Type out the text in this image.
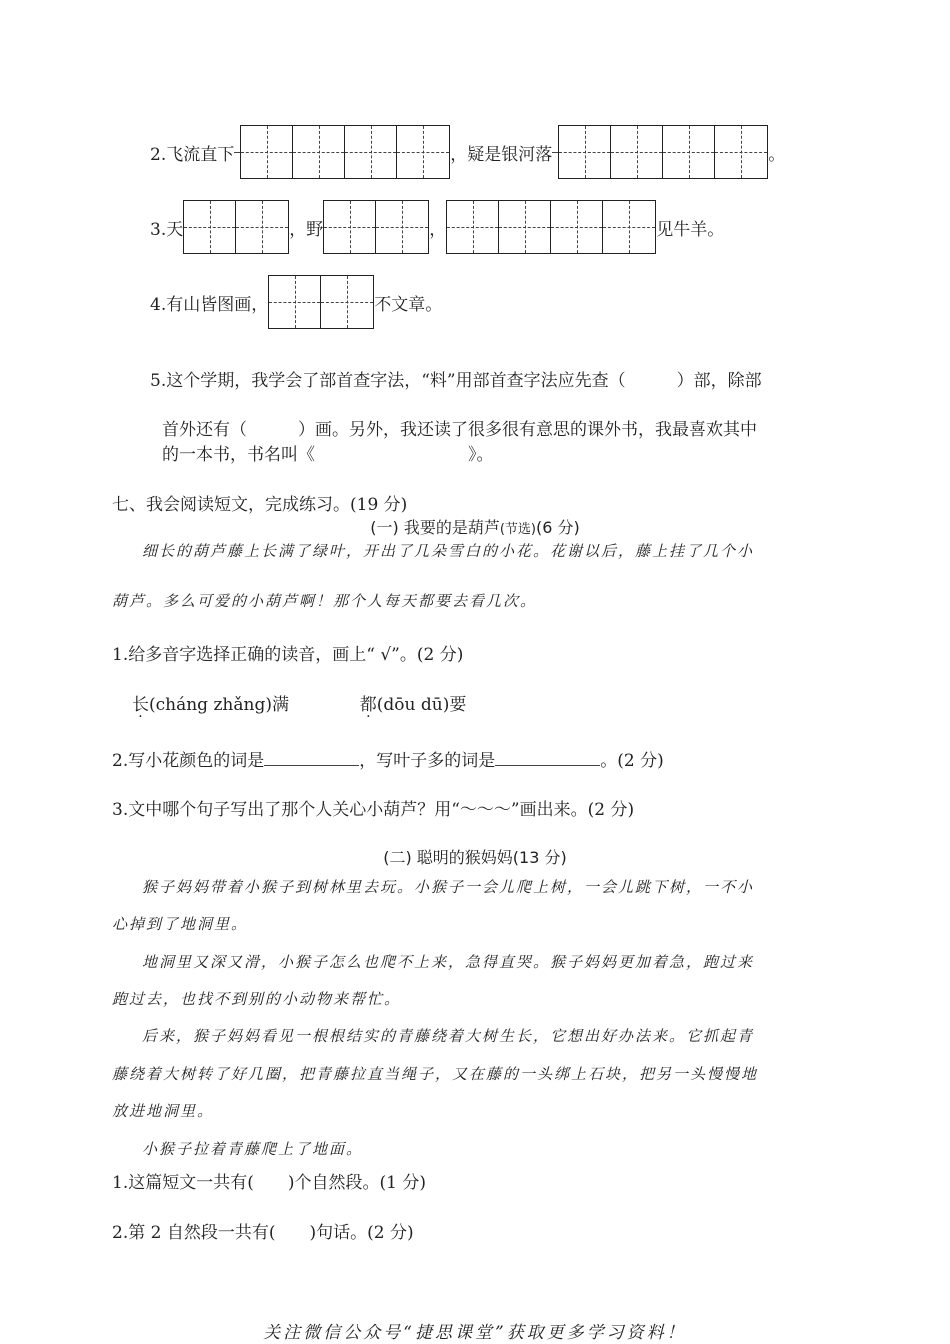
2.飞流直下	，疑是银河落	。
3.天	，野	，	见牛羊。
4.有山皆图画，	不文章。
5.这个学期，我学会了部首查字法，“料”用部首查字法应先查（　　　）部，除部
首外还有（　　　）画。另外，我还读了很多很有意思的课外书，我最喜欢其中
的一本书，书名叫《　　　　　　　　　》。
七、我会阅读短文，完成练习。(19 分)
(一) 我要的是葫芦(节选)(6 分)
细长的葫芦藤上长满了绿叶，开出了几朵雪白的小花。花谢以后，藤上挂了几个小
葫芦。多么可爱的小葫芦啊！那个人每天都要去看几次。
1.给多音字选择正确的读音，画上“ √”。(2 分)
长(cháng zhǎng)满	都(dōu dū)要
2.写小花颜色的词是	，写叶子多的词是	。(2 分)
3.文中哪个句子写出了那个人关心小葫芦？用“～～～”画出来。(2 分)
(二) 聪明的猴妈妈(13 分)
猴子妈妈带着小猴子到树林里去玩。小猴子一会儿爬上树，一会儿跳下树，一不小
心掉到了地洞里。
地洞里又深又滑，小猴子怎么也爬不上来，急得直哭。猴子妈妈更加着急，跑过来
跑过去，也找不到别的小动物来帮忙。
后来，猴子妈妈看见一根根结实的青藤绕着大树生长，它想出好办法来。它抓起青
藤绕着大树转了好几圈，把青藤拉直当绳子，又在藤的一头绑上石块，把另一头慢慢地
放进地洞里。
小猴子拉着青藤爬上了地面。
1.这篇短文一共有(　　)个自然段。(1 分)
2.第 2 自然段一共有(　　)句话。(2 分)
关注微信公众号“捷思课堂”获取更多学习资料！
